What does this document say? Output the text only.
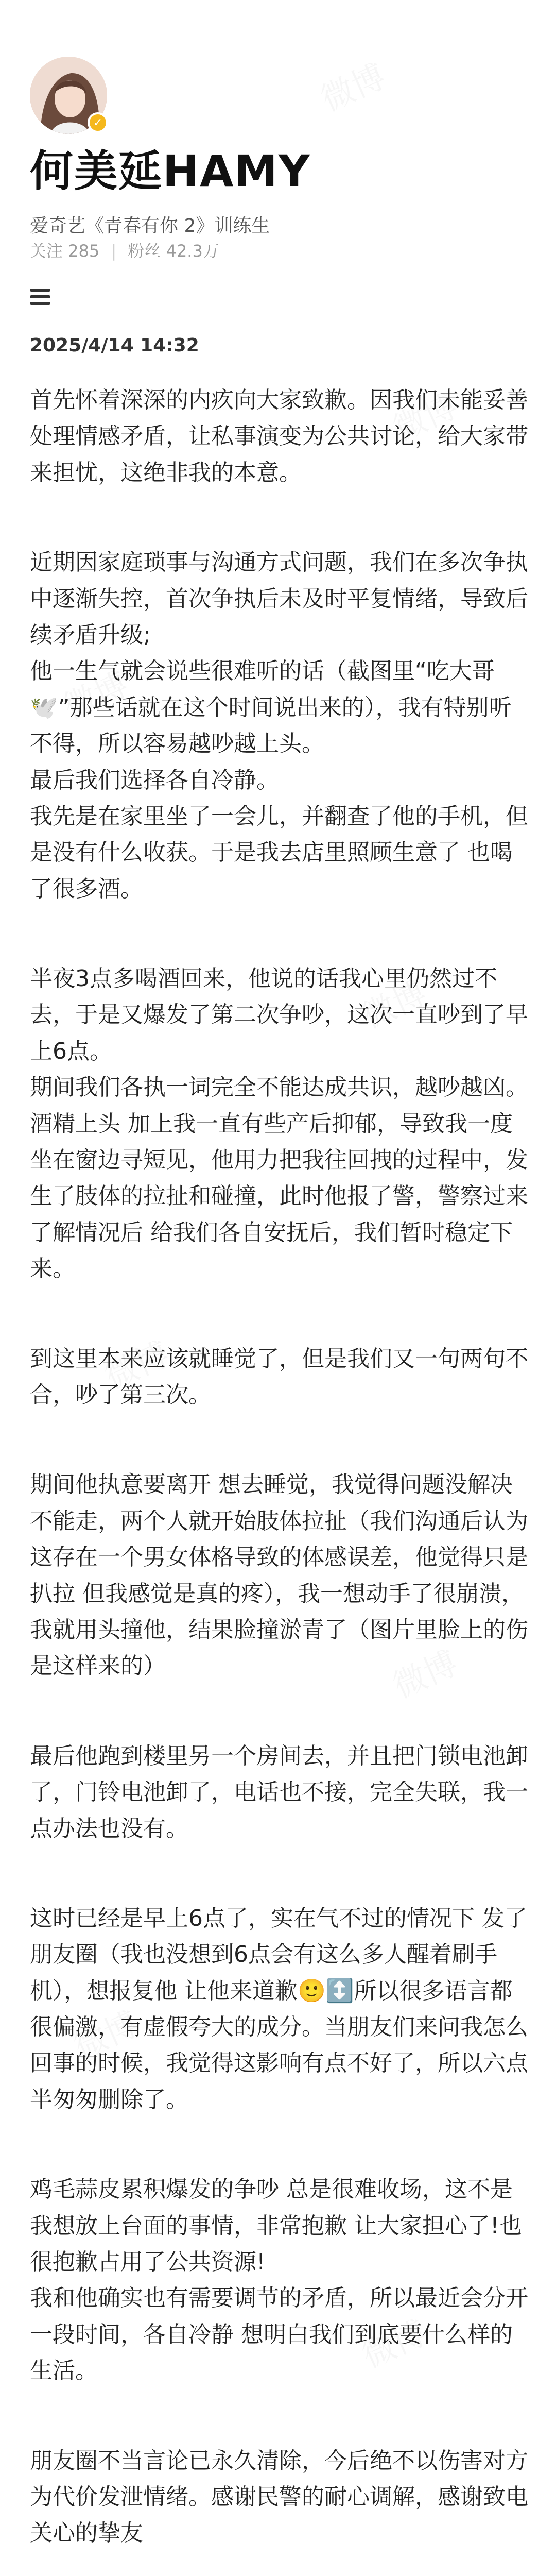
✓
何美延HAMY
爱奇艺《青春有你 2》训练生
关注 285 | 粉丝 42.3万
2025/4/14 14:32

首先怀着深深的内疚向大家致歉。因我们未能妥善处理情感矛盾，让私事演变为公共讨论，给大家带来担忧，这绝非我的本意。

近期因家庭琐事与沟通方式问题，我们在多次争执中逐渐失控，首次争执后未及时平复情绪，导致后续矛盾升级;

他一生气就会说些很难听的话（截图里“吃大哥🕊️”那些话就在这个时间说出来的），我有特别听不得，所以容易越吵越上头。

最后我们选择各自冷静。

我先是在家里坐了一会儿，并翻查了他的手机，但是没有什么收获。于是我去店里照顾生意了 也喝了很多酒。

半夜3点多喝酒回来，他说的话我心里仍然过不去，于是又爆发了第二次争吵，这次一直吵到了早上6点。

期间我们各执一词完全不能达成共识，越吵越凶。酒精上头 加上我一直有些产后抑郁，导致我一度坐在窗边寻短见，他用力把我往回拽的过程中，发生了肢体的拉扯和碰撞，此时他报了警，警察过来了解情况后 给我们各自安抚后，我们暂时稳定下来。

到这里本来应该就睡觉了，但是我们又一句两句不合，吵了第三次。

期间他执意要离开 想去睡觉，我觉得问题没解决不能走，两个人就开始肢体拉扯（我们沟通后认为 这存在一个男女体格导致的体感误差，他觉得只是扒拉 但我感觉是真的疼），我一想动手了很崩溃，我就用头撞他，结果脸撞淤青了（图片里脸上的伤是这样来的）

最后他跑到楼里另一个房间去，并且把门锁电池卸了，门铃电池卸了，电话也不接，完全失联，我一点办法也没有。

这时已经是早上6点了，实在气不过的情况下 发了朋友圈（我也没想到6点会有这么多人醒着刷手机），想报复他 让他来道歉🙂↕️所以很多语言都很偏激，有虚假夸大的成分。当朋友们来问我怎么回事的时候，我觉得这影响有点不好了，所以六点半匆匆删除了。

鸡毛蒜皮累积爆发的争吵 总是很难收场，这不是我想放上台面的事情，非常抱歉 让大家担心了!也很抱歉占用了公共资源!

我和他确实也有需要调节的矛盾，所以最近会分开一段时间，各自冷静 想明白我们到底要什么样的生活。

朋友圈不当言论已永久清除，今后绝不以伤害对方为代价发泄情绪。感谢民警的耐心调解，感谢致电关心的挚友
